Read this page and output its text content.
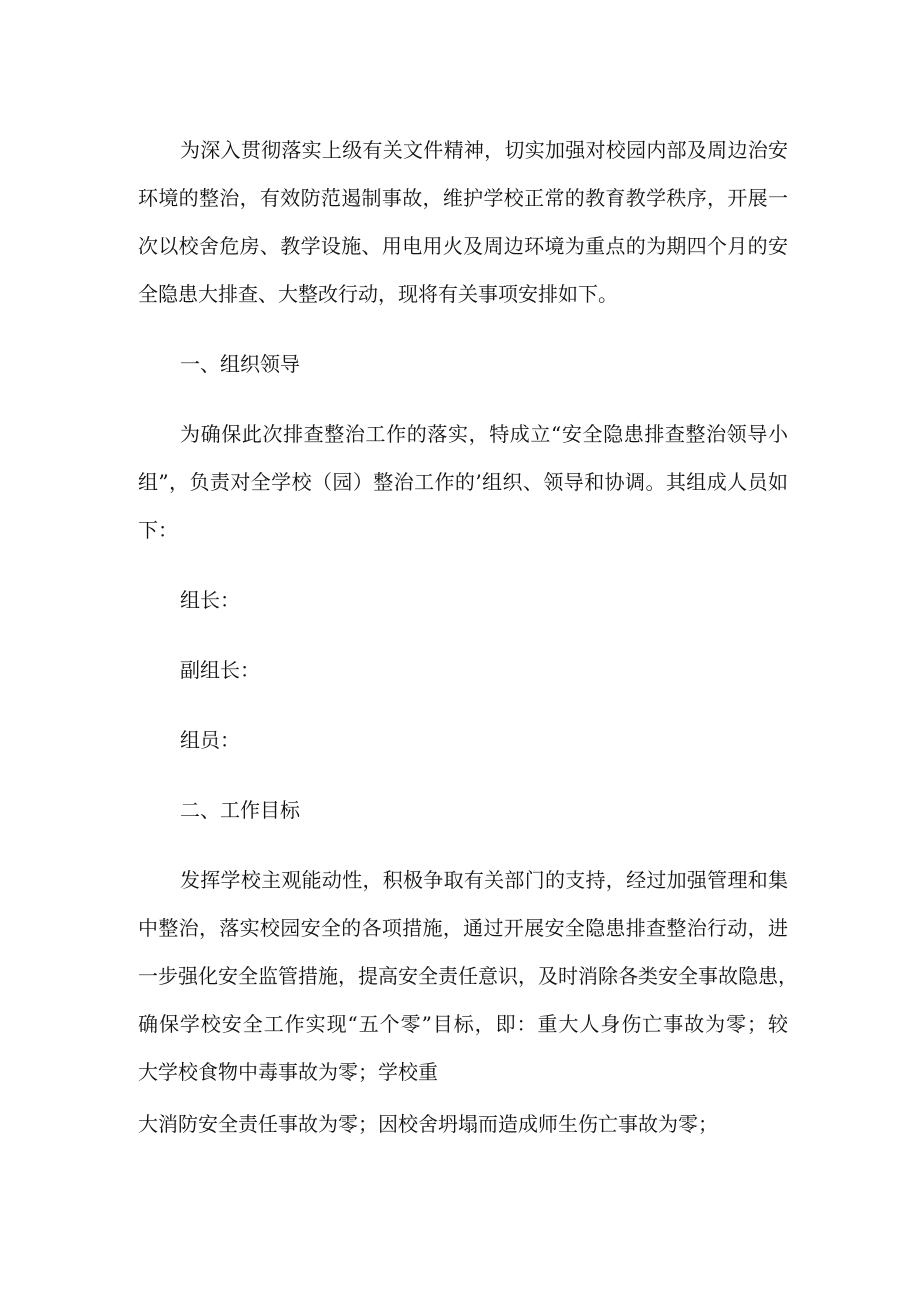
为深入贯彻落实上级有关文件精神，切实加强对校园内部及周边治安
环境的整治，有效防范遏制事故，维护学校正常的教育教学秩序，开展一
次以校舍危房、教学设施、用电用火及周边环境为重点的为期四个月的安
全隐患大排查、大整改行动，现将有关事项安排如下。
一、组织领导
为确保此次排查整治工作的落实，特成立“安全隐患排查整治领导小
组”，负责对全学校（园）整治工作的’组织、领导和协调。其组成人员如
下：
组长：
副组长：
组员：
二、工作目标
发挥学校主观能动性，积极争取有关部门的支持，经过加强管理和集
中整治，落实校园安全的各项措施，通过开展安全隐患排查整治行动，进
一步强化安全监管措施，提高安全责任意识，及时消除各类安全事故隐患，
确保学校安全工作实现“五个零”目标，即：重大人身伤亡事故为零；较
大学校食物中毒事故为零；学校重
大消防安全责任事故为零；因校舍坍塌而造成师生伤亡事故为零；
